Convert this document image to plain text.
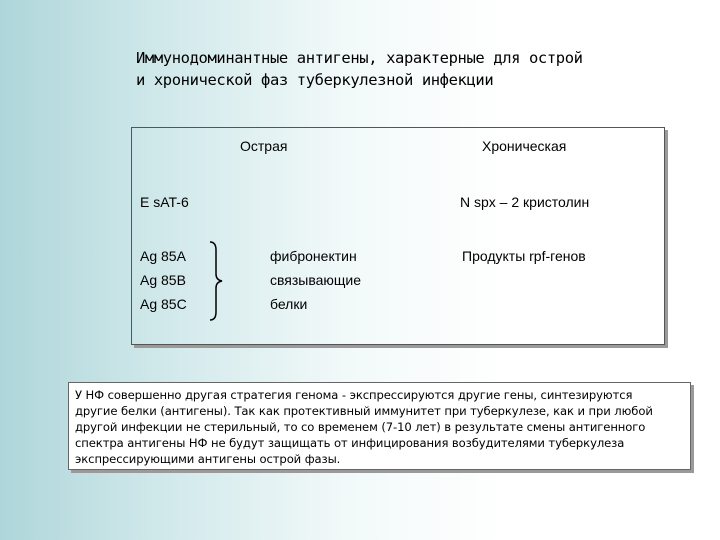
Иммунодоминантные антигены, характерные для острой
и хронической фаз туберкулезной инфекции
Острая	Хроническая
E sAT-6	N spx – 2 кристолин
Ag 85A
Ag 85B
Ag 85C
фибронектин
связывающие
белки
Продукты rpf-генов
У НФ совершенно другая стратегия генома - экспрессируются другие гены, синтезируются
другие белки (антигены). Так как протективный иммунитет при туберкулезе, как и при любой
другой инфекции не стерильный, то со временем (7-10 лет) в результате смены антигенного
спектра антигены НФ не будут защищать от инфицирования возбудителями туберкулеза
экспрессирующими антигены острой фазы.
